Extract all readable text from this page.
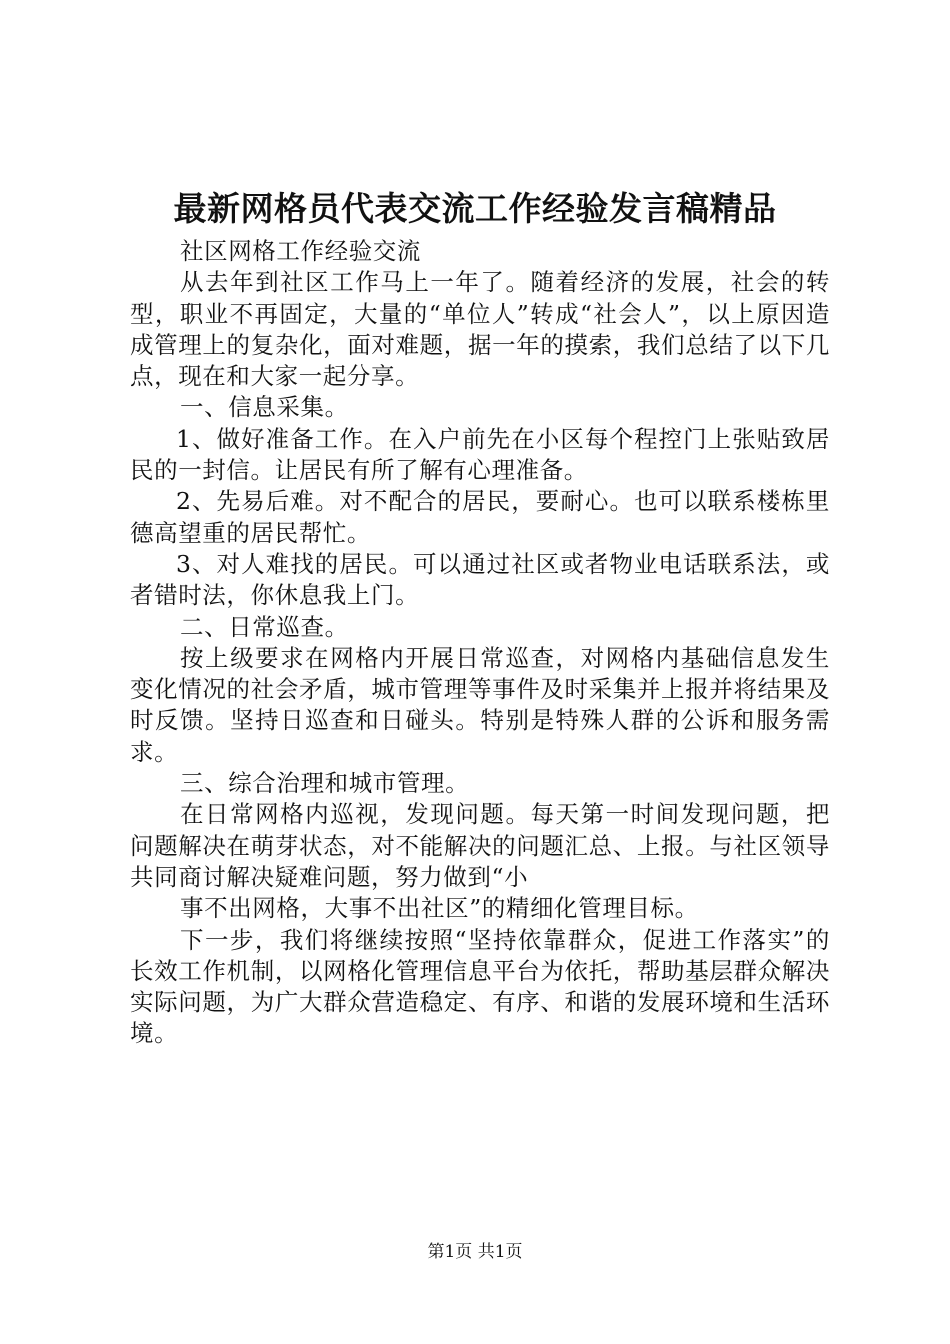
最新网格员代表交流工作经验发言稿精品

社区网格工作经验交流

从去年到社区工作马上一年了。随着经济的发展，社会的转型，职业不再固定，大量的“单位人”转成“社会人”，以上原因造成管理上的复杂化，面对难题，据一年的摸索，我们总结了以下几点，现在和大家一起分享。

一、信息采集。

1、做好准备工作。在入户前先在小区每个程控门上张贴致居民的一封信。让居民有所了解有心理准备。

2、先易后难。对不配合的居民，要耐心。也可以联系楼栋里德高望重的居民帮忙。

3、对人难找的居民。可以通过社区或者物业电话联系法，或者错时法，你休息我上门。

二、日常巡查。

按上级要求在网格内开展日常巡查，对网格内基础信息发生变化情况的社会矛盾，城市管理等事件及时采集并上报并将结果及时反馈。坚持日巡查和日碰头。特别是特殊人群的公诉和服务需求。

三、综合治理和城市管理。

在日常网格内巡视，发现问题。每天第一时间发现问题，把问题解决在萌芽状态，对不能解决的问题汇总、上报。与社区领导共同商讨解决疑难问题，努力做到“小

事不出网格，大事不出社区”的精细化管理目标。

下一步，我们将继续按照“坚持依靠群众，促进工作落实”的长效工作机制，以网格化管理信息平台为依托，帮助基层群众解决实际问题，为广大群众营造稳定、有序、和谐的发展环境和生活环境。

第1页 共1页
